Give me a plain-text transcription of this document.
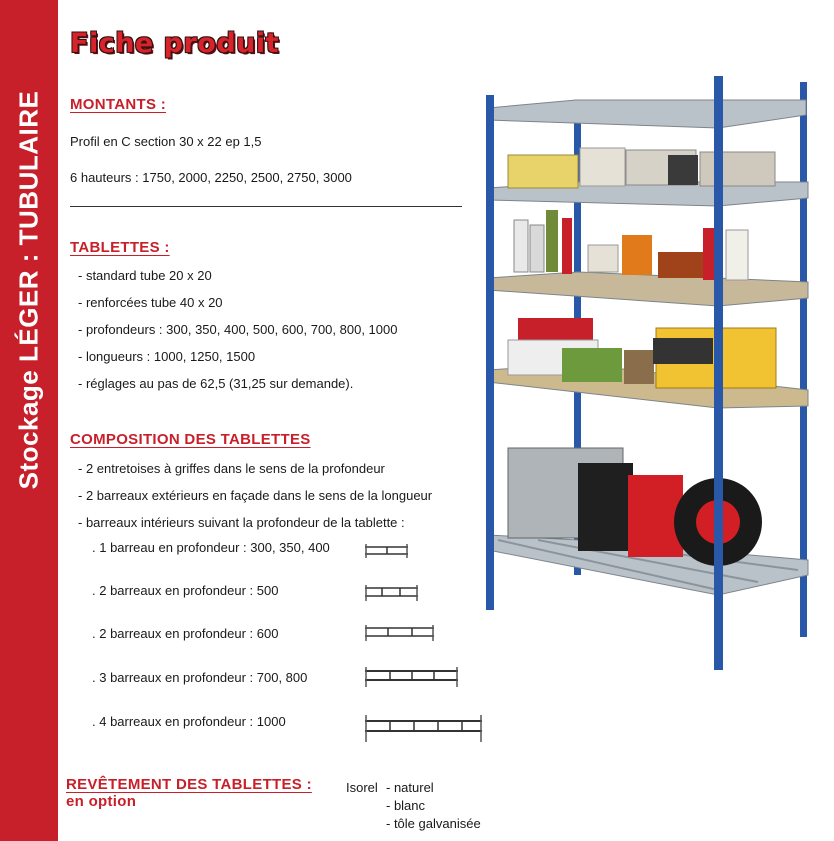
Stockage LÉGER : TUBULAIRE
Fiche produit
MONTANTS :
Profil en C section 30 x 22 ep 1,5
6 hauteurs : 1750, 2000, 2250, 2500, 2750, 3000
TABLETTES :
- standard tube 20 x 20
- renforcées tube 40 x 20
- profondeurs : 300, 350, 400, 500, 600, 700, 800, 1000
- longueurs : 1000, 1250, 1500
- réglages au pas de 62,5 (31,25 sur demande).
COMPOSITION DES TABLETTES
- 2 entretoises à griffes dans le sens de la profondeur
- 2 barreaux extérieurs en façade dans le sens de la longueur
- barreaux intérieurs suivant la profondeur de la tablette :
. 1 barreau en profondeur : 300, 350, 400
. 2 barreaux en profondeur : 500
. 2 barreaux en profondeur : 600
. 3 barreaux en profondeur : 700, 800
. 4 barreaux en profondeur : 1000
REVÊTEMENT DES TABLETTES :
en option
Isorel - naturel
- blanc
- tôle galvanisée
